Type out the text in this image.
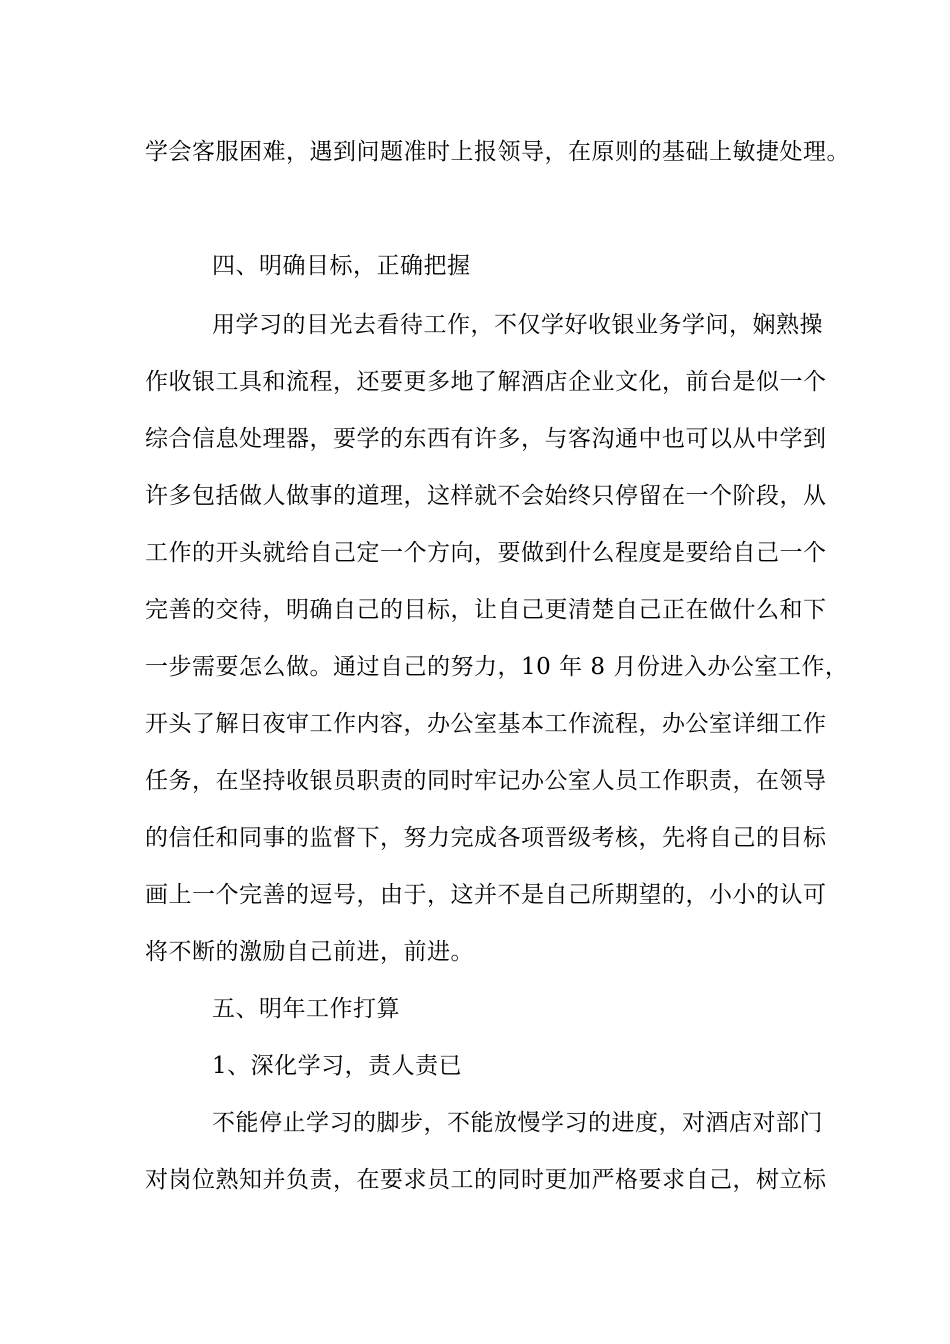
学会客服困难，遇到问题准时上报领导，在原则的基础上敏捷处理。
四、明确目标，正确把握
用学习的目光去看待工作，不仅学好收银业务学问，娴熟操
作收银工具和流程，还要更多地了解酒店企业文化，前台是似一个
综合信息处理器，要学的东西有许多，与客沟通中也可以从中学到
许多包括做人做事的道理，这样就不会始终只停留在一个阶段，从
工作的开头就给自己定一个方向，要做到什么程度是要给自己一个
完善的交待，明确自己的目标，让自己更清楚自己正在做什么和下
一步需要怎么做。通过自己的努力，10 年 8 月份进入办公室工作，
开头了解日夜审工作内容，办公室基本工作流程，办公室详细工作
任务，在坚持收银员职责的同时牢记办公室人员工作职责，在领导
的信任和同事的监督下，努力完成各项晋级考核，先将自己的目标
画上一个完善的逗号，由于，这并不是自己所期望的，小小的认可
将不断的激励自己前进，前进。
五、明年工作打算
1、深化学习，责人责已
不能停止学习的脚步，不能放慢学习的进度，对酒店对部门
对岗位熟知并负责，在要求员工的同时更加严格要求自己，树立标
